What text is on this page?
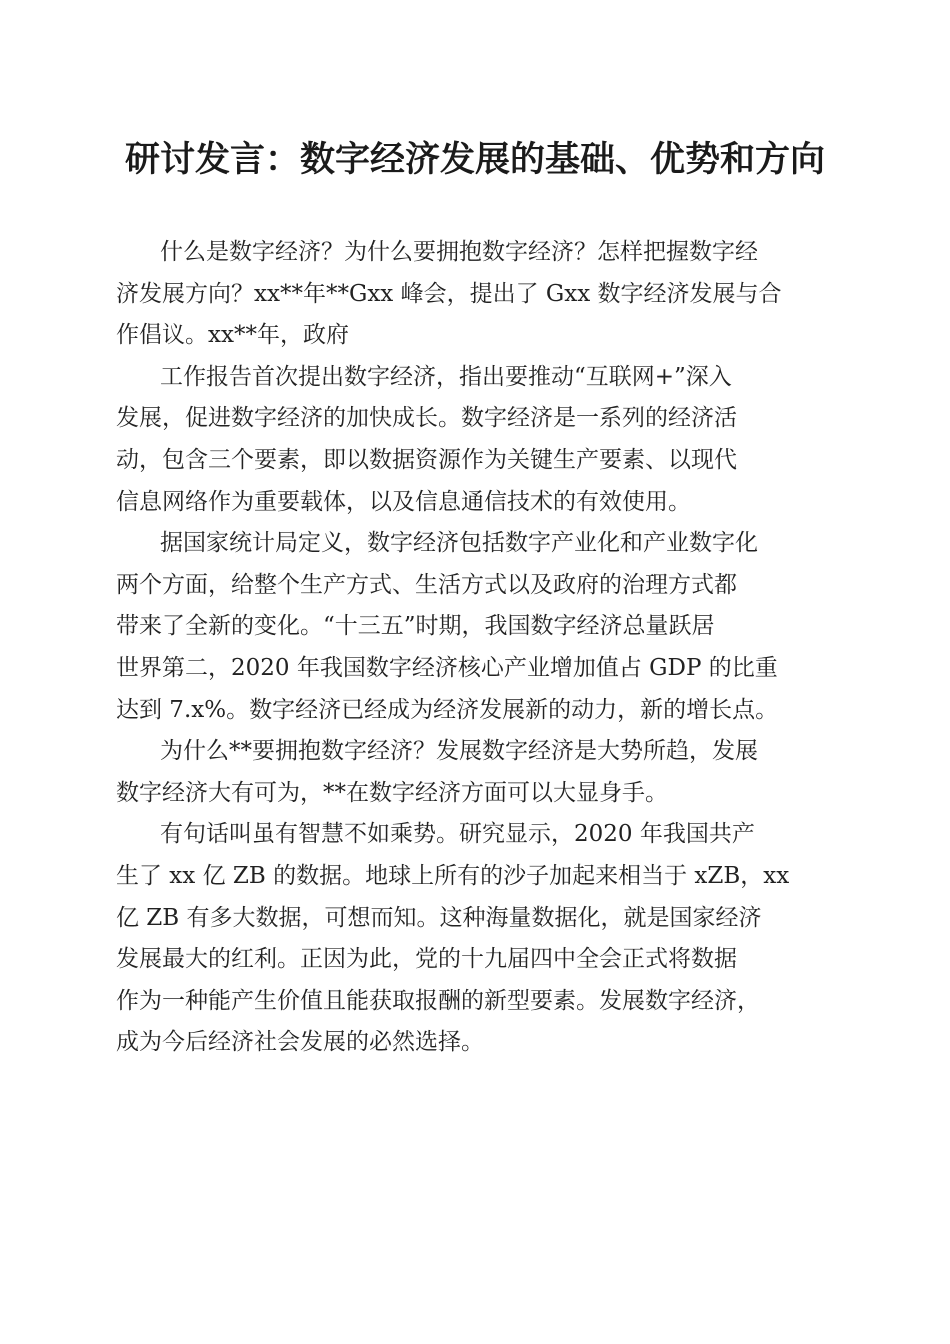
研讨发言：数字经济发展的基础、优势和方向

什么是数字经济？为什么要拥抱数字经济？怎样把握数字经
济发展方向？xx**年**Gxx 峰会，提出了 Gxx 数字经济发展与合
作倡议。xx**年，政府

工作报告首次提出数字经济，指出要推动“互联网+”深入
发展，促进数字经济的加快成长。数字经济是一系列的经济活
动，包含三个要素，即以数据资源作为关键生产要素、以现代
信息网络作为重要载体，以及信息通信技术的有效使用。

据国家统计局定义，数字经济包括数字产业化和产业数字化
两个方面，给整个生产方式、生活方式以及政府的治理方式都
带来了全新的变化。“十三五”时期，我国数字经济总量跃居
世界第二，2020 年我国数字经济核心产业增加值占 GDP 的比重
达到 7.x%。数字经济已经成为经济发展新的动力，新的增长点。

为什么**要拥抱数字经济？发展数字经济是大势所趋，发展
数字经济大有可为，**在数字经济方面可以大显身手。

有句话叫虽有智慧不如乘势。研究显示，2020 年我国共产
生了 xx 亿 ZB 的数据。地球上所有的沙子加起来相当于 xZB，xx
亿 ZB 有多大数据，可想而知。这种海量数据化，就是国家经济
发展最大的红利。正因为此，党的十九届四中全会正式将数据
作为一种能产生价值且能获取报酬的新型要素。发展数字经济，
成为今后经济社会发展的必然选择。
